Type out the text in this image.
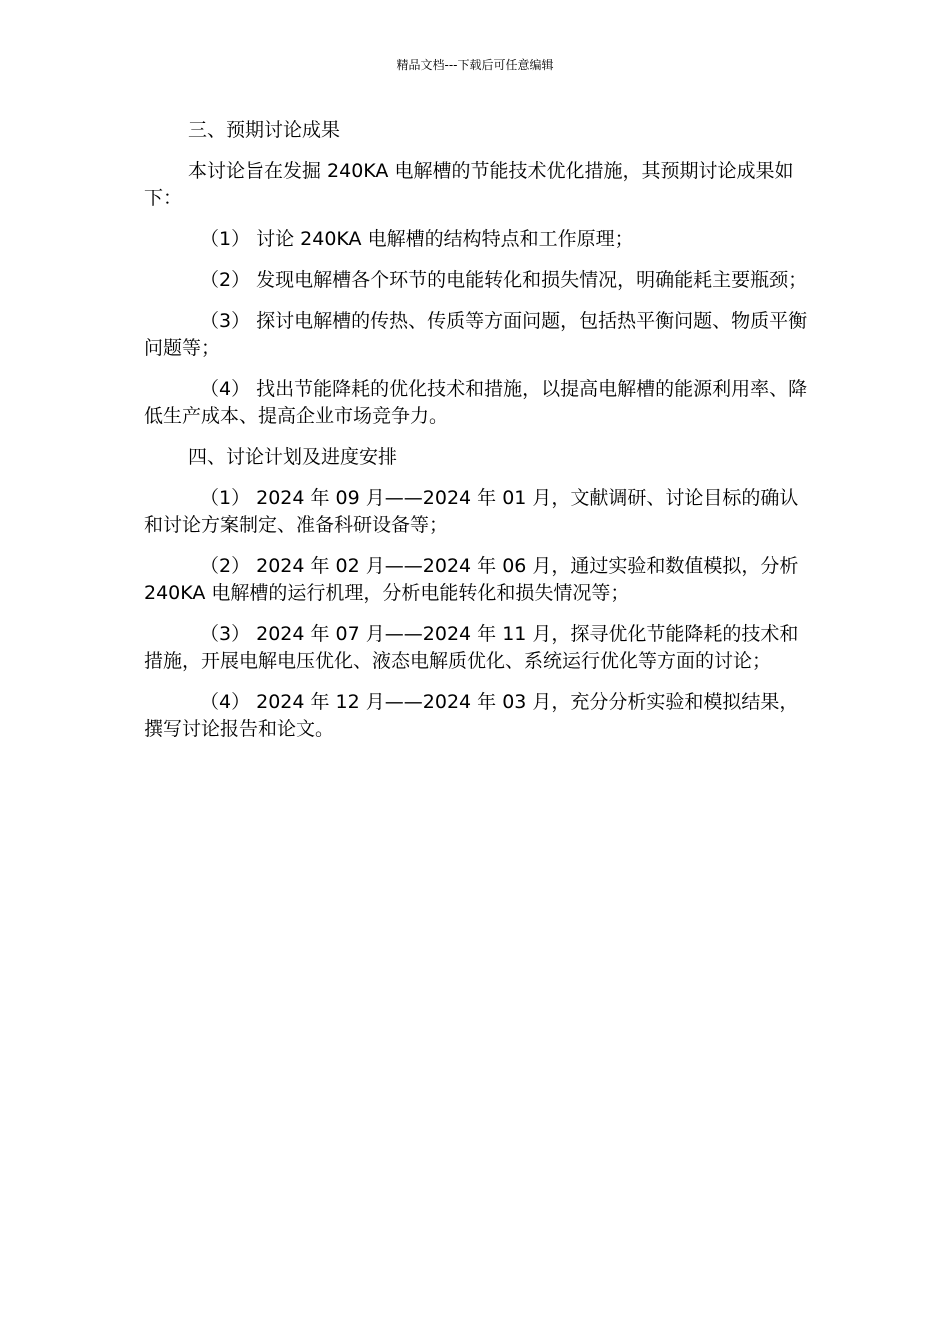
精品文档---下载后可任意编辑

三、预期讨论成果

本讨论旨在发掘 240KA 电解槽的节能技术优化措施，其预期讨论成果如下：

（1） 讨论 240KA 电解槽的结构特点和工作原理；

（2） 发现电解槽各个环节的电能转化和损失情况，明确能耗主要瓶颈；

（3） 探讨电解槽的传热、传质等方面问题，包括热平衡问题、物质平衡问题等；

（4） 找出节能降耗的优化技术和措施，以提高电解槽的能源利用率、降低生产成本、提高企业市场竞争力。

四、讨论计划及进度安排

（1） 2024 年 09 月——2024 年 01 月，文献调研、讨论目标的确认和讨论方案制定、准备科研设备等；

（2） 2024 年 02 月——2024 年 06 月，通过实验和数值模拟，分析 240KA 电解槽的运行机理，分析电能转化和损失情况等；

（3） 2024 年 07 月——2024 年 11 月，探寻优化节能降耗的技术和措施，开展电解电压优化、液态电解质优化、系统运行优化等方面的讨论；

（4） 2024 年 12 月——2024 年 03 月，充分分析实验和模拟结果，撰写讨论报告和论文。
